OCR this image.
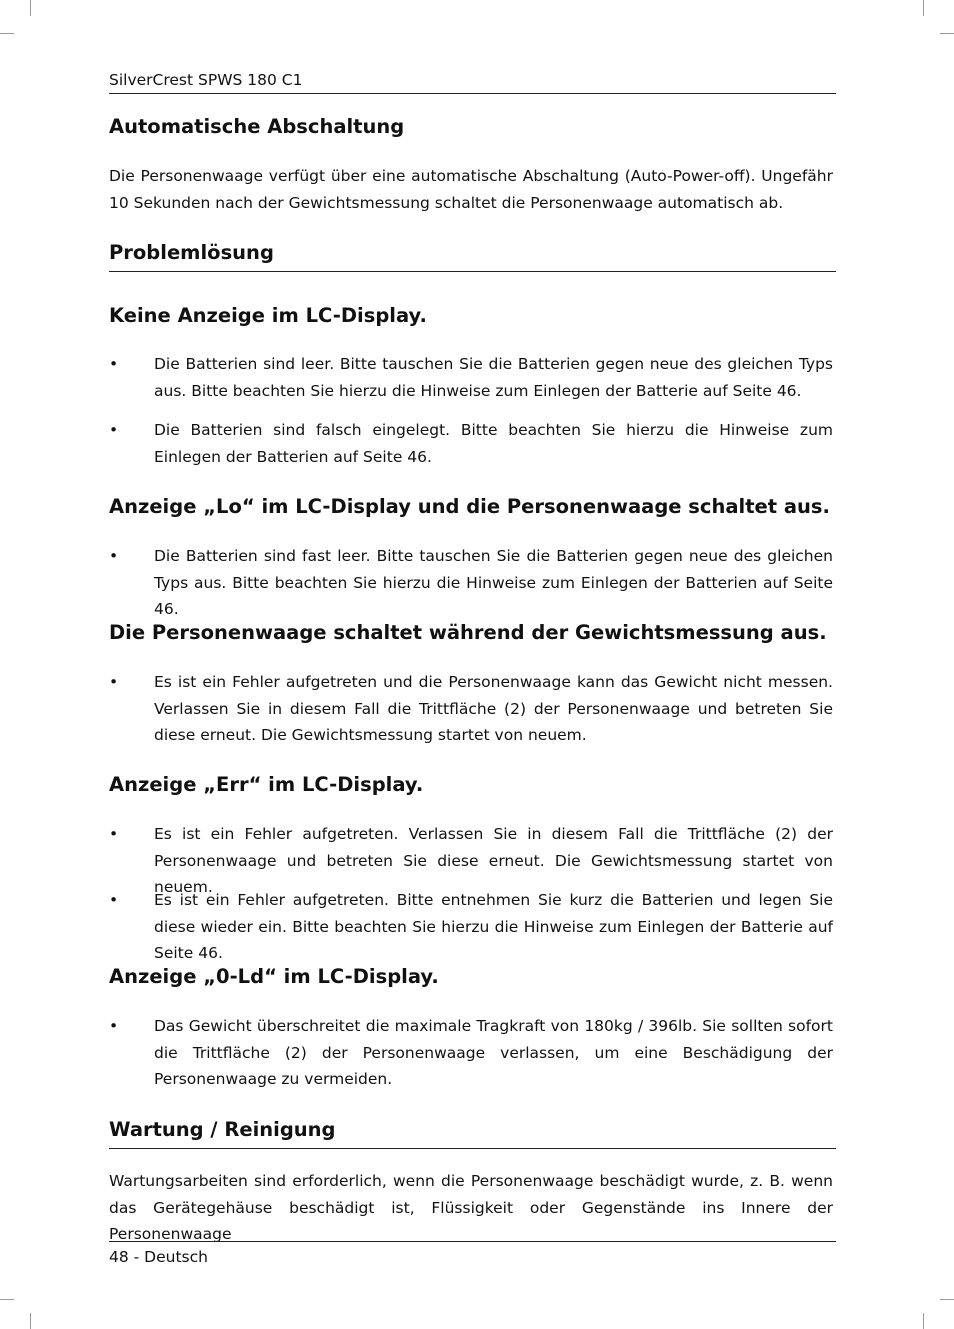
SilverCrest SPWS 180 C1
Automatische Abschaltung
Die Personenwaage verfügt über eine automatische Abschaltung (Auto-Power-off). Ungefähr 10 Sekunden nach der Gewichtsmessung schaltet die Personenwaage automatisch ab.
Problemlösung
Keine Anzeige im LC-Display.
•	Die Batterien sind leer. Bitte tauschen Sie die Batterien gegen neue des gleichen Typs aus. Bitte beachten Sie hierzu die Hinweise zum Einlegen der Batterie auf Seite 46.
•	Die Batterien sind falsch eingelegt. Bitte beachten Sie hierzu die Hinweise zum Einlegen der Batterien auf Seite 46.
Anzeige „Lo“ im LC-Display und die Personenwaage schaltet aus.
•	Die Batterien sind fast leer. Bitte tauschen Sie die Batterien gegen neue des gleichen Typs aus. Bitte beachten Sie hierzu die Hinweise zum Einlegen der Batterien auf Seite 46.
Die Personenwaage schaltet während der Gewichtsmessung aus.
•	Es ist ein Fehler aufgetreten und die Personenwaage kann das Gewicht nicht messen. Verlassen Sie in diesem Fall die Trittfläche (2) der Personenwaage und betreten Sie diese erneut. Die Gewichtsmessung startet von neuem.
Anzeige „Err“ im LC-Display.
•	Es ist ein Fehler aufgetreten. Verlassen Sie in diesem Fall die Trittfläche (2) der Personenwaage und betreten Sie diese erneut. Die Gewichtsmessung startet von neuem.
•	Es ist ein Fehler aufgetreten. Bitte entnehmen Sie kurz die Batterien und legen Sie diese wieder ein. Bitte beachten Sie hierzu die Hinweise zum Einlegen der Batterie auf Seite 46.
Anzeige „0-Ld“ im LC-Display.
•	Das Gewicht überschreitet die maximale Tragkraft von 180kg / 396lb. Sie sollten sofort die Trittfläche (2) der Personenwaage verlassen, um eine Beschädigung der Personenwaage zu vermeiden.
Wartung / Reinigung
Wartungsarbeiten sind erforderlich, wenn die Personenwaage beschädigt wurde, z. B. wenn das Gerätegehäuse beschädigt ist, Flüssigkeit oder Gegenstände ins Innere der Personenwaage
48 - Deutsch
